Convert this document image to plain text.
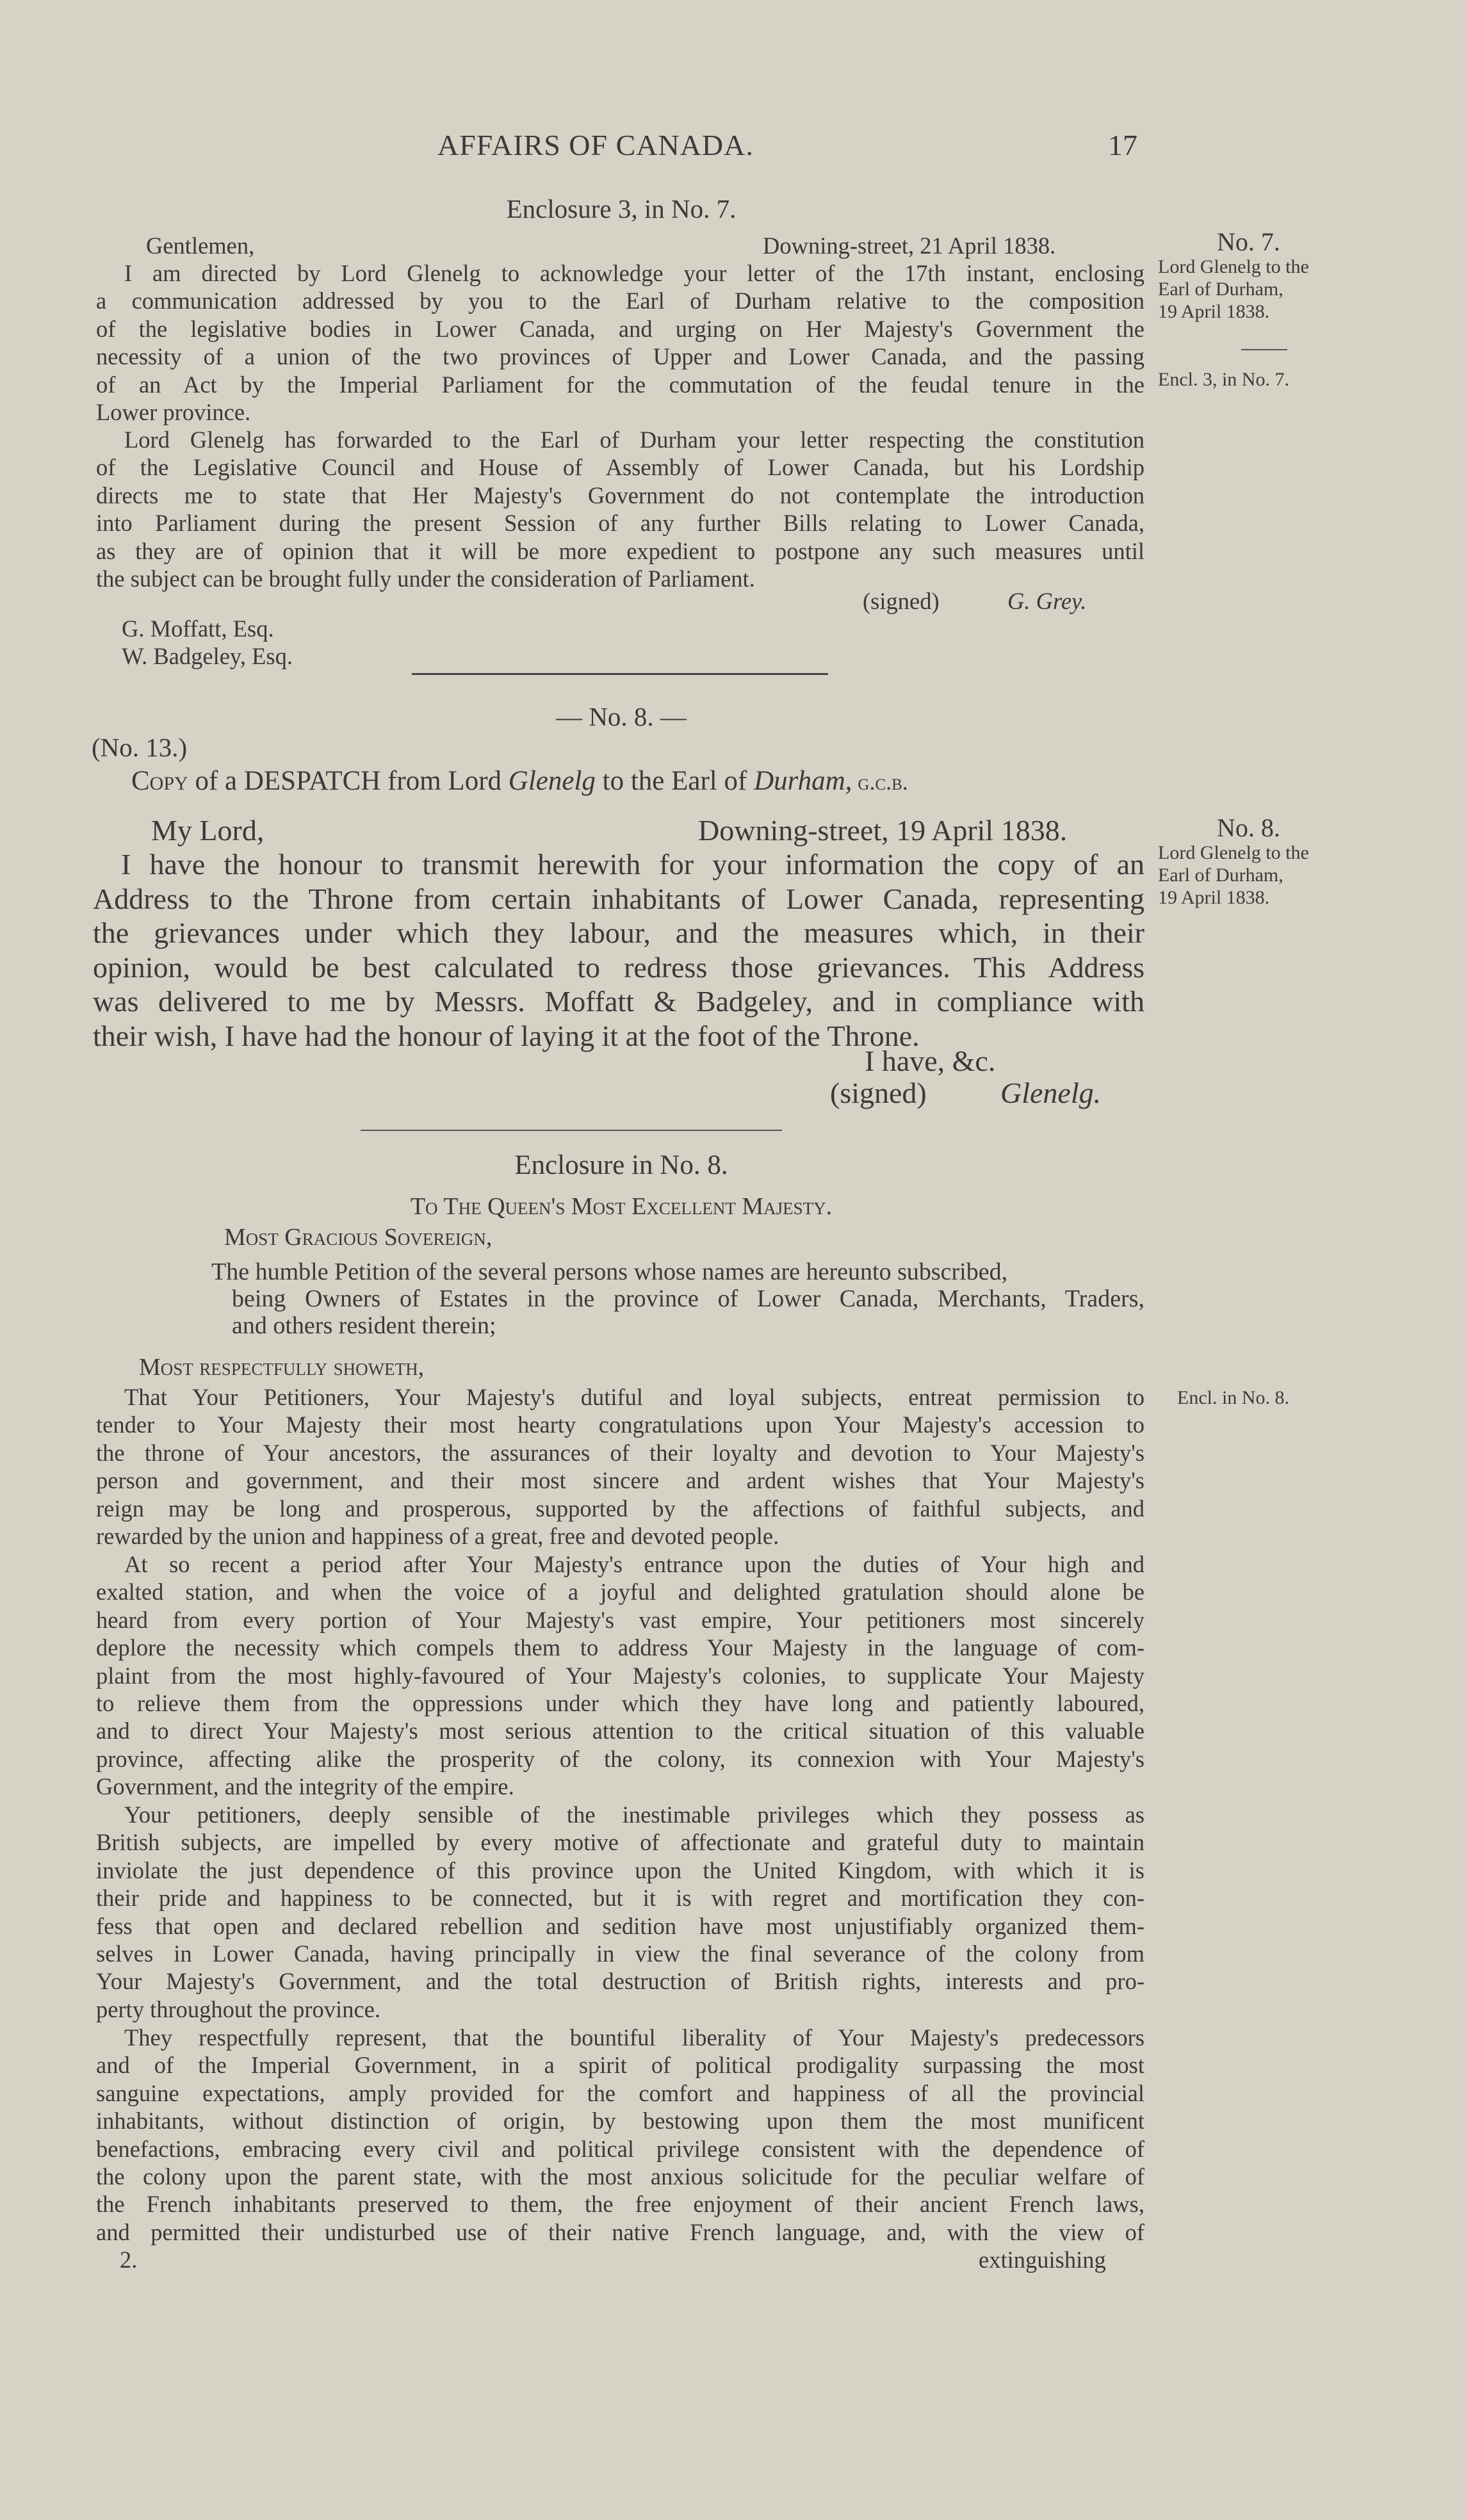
AFFAIRS OF CANADA.	17
Enclosure 3, in No. 7.
Gentlemen,	Downing-street, 21 April 1838.

I am directed by Lord Glenelg to acknowledge your letter of the 17th instant, enclosing

a communication addressed by you to the Earl of Durham relative to the composition

of the legislative bodies in Lower Canada, and urging on Her Majesty's Government the

necessity of a union of the two provinces of Upper and Lower Canada, and the passing

of an Act by the Imperial Parliament for the commutation of the feudal tenure in the

Lower province.

Lord Glenelg has forwarded to the Earl of Durham your letter respecting the constitution

of the Legislative Council and House of Assembly of Lower Canada, but his Lordship

directs me to state that Her Majesty's Government do not contemplate the introduction

into Parliament during the present Session of any further Bills relating to Lower Canada,

as they are of opinion that it will be more expedient to postpone any such measures until

the subject can be brought fully under the consideration of Parliament.

(signed)	G. Grey.
G. Moffatt, Esq.
W. Badgeley, Esq.
No. 7.
Lord Glenelg to the
Earl of Durham,
19 April 1838.
Encl. 3, in No. 7.
— No. 8. —
(No. 13.)
Copy of a DESPATCH from Lord Glenelg to the Earl of Durham, g.c.b.
My Lord,	Downing-street, 19 April 1838.

I have the honour to transmit herewith for your information the copy of an

Address to the Throne from certain inhabitants of Lower Canada, representing

the grievances under which they labour, and the measures which, in their

opinion, would be best calculated to redress those grievances. This Address

was delivered to me by Messrs. Moffatt & Badgeley, and in compliance with

their wish, I have had the honour of laying it at the foot of the Throne.

I have, &c.
(signed)	Glenelg.
No. 8.
Lord Glenelg to the
Earl of Durham,
19 April 1838.
Enclosure in No. 8.
To The Queen's Most Excellent Majesty.
Most Gracious Sovereign,
The humble Petition of the several persons whose names are hereunto subscribed,
being Owners of Estates in the province of Lower Canada, Merchants, Traders,
and others resident therein;
Most respectfully showeth,

That Your Petitioners, Your Majesty's dutiful and loyal subjects, entreat permission to

tender to Your Majesty their most hearty congratulations upon Your Majesty's accession to

the throne of Your ancestors, the assurances of their loyalty and devotion to Your Majesty's

person and government, and their most sincere and ardent wishes that Your Majesty's

reign may be long and prosperous, supported by the affections of faithful subjects, and

rewarded by the union and happiness of a great, free and devoted people.

Encl. in No. 8.

At so recent a period after Your Majesty's entrance upon the duties of Your high and

exalted station, and when the voice of a joyful and delighted gratulation should alone be

heard from every portion of Your Majesty's vast empire, Your petitioners most sincerely

deplore the necessity which compels them to address Your Majesty in the language of com-

plaint from the most highly-favoured of Your Majesty's colonies, to supplicate Your Majesty

to relieve them from the oppressions under which they have long and patiently laboured,

and to direct Your Majesty's most serious attention to the critical situation of this valuable

province, affecting alike the prosperity of the colony, its connexion with Your Majesty's

Government, and the integrity of the empire.

Your petitioners, deeply sensible of the inestimable privileges which they possess as

British subjects, are impelled by every motive of affectionate and grateful duty to maintain

inviolate the just dependence of this province upon the United Kingdom, with which it is

their pride and happiness to be connected, but it is with regret and mortification they con-

fess that open and declared rebellion and sedition have most unjustifiably organized them-

selves in Lower Canada, having principally in view the final severance of the colony from

Your Majesty's Government, and the total destruction of British rights, interests and pro-

perty throughout the province.

They respectfully represent, that the bountiful liberality of Your Majesty's predecessors

and of the Imperial Government, in a spirit of political prodigality surpassing the most

sanguine expectations, amply provided for the comfort and happiness of all the provincial

inhabitants, without distinction of origin, by bestowing upon them the most munificent

benefactions, embracing every civil and political privilege consistent with the dependence of

the colony upon the parent state, with the most anxious solicitude for the peculiar welfare of

the French inhabitants preserved to them, the free enjoyment of their ancient French laws,

and permitted their undisturbed use of their native French language, and, with the view of

2.	extinguishing
